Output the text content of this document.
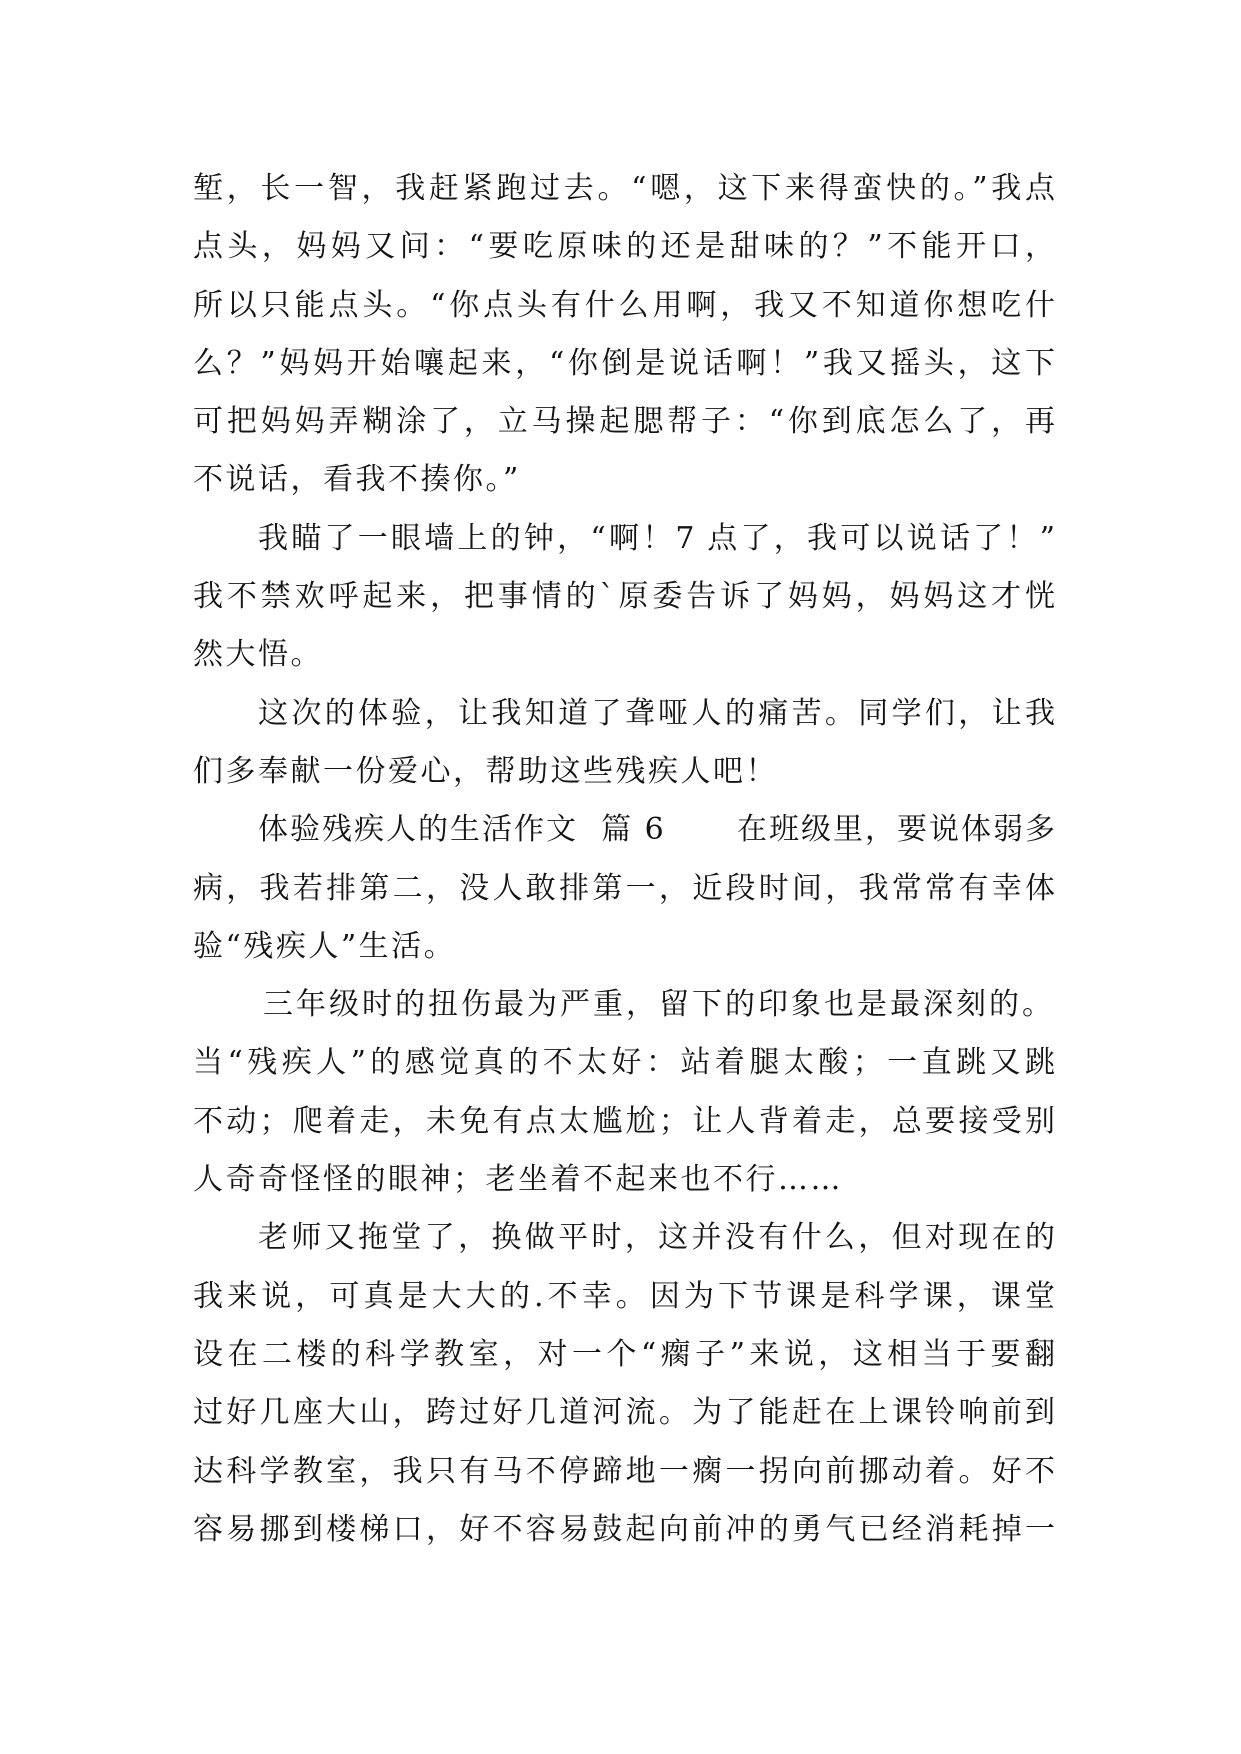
堑，长一智，我赶紧跑过去。“嗯，这下来得蛮快的。”我点
点头，妈妈又问：“要吃原味的还是甜味的？”不能开口，
所以只能点头。“你点头有什么用啊，我又不知道你想吃什
么？”妈妈开始嚷起来，“你倒是说话啊！”我又摇头，这下
可把妈妈弄糊涂了，立马操起腮帮子：“你到底怎么了，再
不说话，看我不揍你。”
我瞄了一眼墙上的钟，“啊！7 点了，我可以说话了！”
我不禁欢呼起来，把事情的`原委告诉了妈妈，妈妈这才恍
然大悟。
这次的体验，让我知道了聋哑人的痛苦。同学们，让我
们多奉献一份爱心，帮助这些残疾人吧！
体验残疾人的生活作文  篇 6 在班级里，要说体弱多
病，我若排第二，没人敢排第一，近段时间，我常常有幸体
验“残疾人”生活。
三年级时的扭伤最为严重，留下的印象也是最深刻的。
当“残疾人”的感觉真的不太好：站着腿太酸；一直跳又跳
不动；爬着走，未免有点太尴尬；让人背着走，总要接受别
人奇奇怪怪的眼神；老坐着不起来也不行……
老师又拖堂了，换做平时，这并没有什么，但对现在的
我来说，可真是大大的.不幸。因为下节课是科学课，课堂
设在二楼的科学教室，对一个“瘸子”来说，这相当于要翻
过好几座大山，跨过好几道河流。为了能赶在上课铃响前到
达科学教室，我只有马不停蹄地一瘸一拐向前挪动着。好不
容易挪到楼梯口，好不容易鼓起向前冲的勇气已经消耗掉一
